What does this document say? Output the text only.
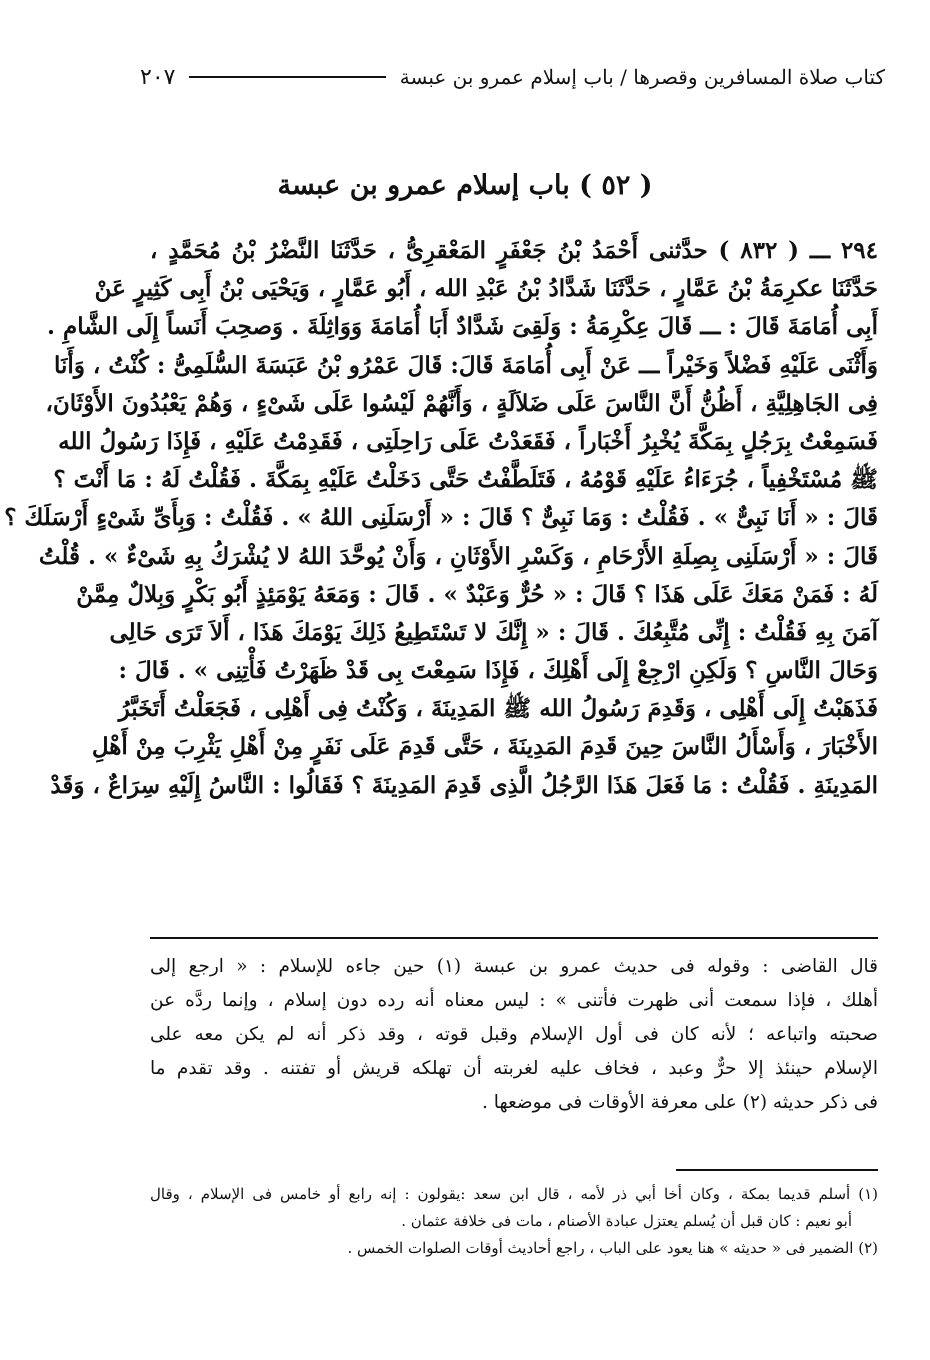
كتاب صلاة المسافرين وقصرها / باب إسلام عمرو بن عبسة
٢٠٧
( ٥٢ ) باب إسلام عمرو بن عبسة
٢٩٤ ـــ ( ٨٣٢ ) حدَّثنى أَحْمَدُ بْنُ جَعْفَرٍ المَعْقرِىُّ ، حَدَّثَنَا النَّضْرُ بْنُ مُحَمَّدٍ ،
حَدَّثَنَا عكرِمَةُ بْنُ عَمَّارٍ ، حَدَّثَنَا شَدَّادُ بْنُ عَبْدِ الله ، أَبُو عَمَّارٍ ، وَيَحْيَى بْنُ أَبِى كَثِيرٍ عَنْ
أَبِى أُمَامَةَ قَالَ : ـــ قَالَ عِكْرِمَةُ : وَلَقِىَ شَدَّادٌ أَبَا أُمَامَةَ وَوَاثِلَةَ . وَصحِبَ أَنَساً إِلَى الشَّامِ .
وَأَثْنَى عَلَيْهِ فَضْلاً وَخَيْراً ـــ عَنْ أَبِى أُمَامَةَ قَالَ: قَالَ عَمْرُو بْنُ عَبَسَةَ السُّلَمِىُّ : كُنْتُ ، وَأَنَا
فِى الجَاهِلِيَّةِ ، أَظُنُّ أَنَّ النَّاسَ عَلَى ضَلاَلَةٍ ، وَأَنَّهُمْ لَيْسُوا عَلَى شَىْءٍ ، وَهُمْ يَعْبُدُونَ الأَوْثَانَ،
فَسَمِعْتُ بِرَجُلٍ بِمَكَّةَ يُخْبِرُ أَخْبَاراً ، فَقَعَدْتُ عَلَى رَاحِلَتِى ، فَقَدِمْتُ عَلَيْهِ ، فَإِذَا رَسُولُ الله
ﷺ مُسْتَخْفِياً ، جُرَءَاءُ عَلَيْهِ قَوْمُهُ ، فَتَلَطَّفْتُ حَتَّى دَخَلْتُ عَلَيْهِ بِمَكَّةَ . فَقُلْتُ لَهُ : مَا أَنْتَ ؟
قَالَ : « أَنَا نَبِىٌّ » . فَقُلْتُ : وَمَا نَبِىٌّ ؟ قَالَ : « أَرْسَلَنِى اللهُ » . فَقُلْتُ : وَبِأَىِّ شَىْءٍ أَرْسَلَكَ ؟
قَالَ : « أَرْسَلَنِى بِصِلَةِ الأَرْحَامِ ، وَكَسْرِ الأَوْثَانِ ، وَأَنْ يُوحَّدَ اللهُ لا يُشْرَكُ بِهِ شَىْءٌ » . قُلْتُ
لَهُ : فَمَنْ مَعَكَ عَلَى هَذَا ؟ قَالَ : « حُرٌّ وَعَبْدٌ » . قَالَ : وَمَعَهُ يَوْمَئِذٍ أَبُو بَكْرٍ وَبِلالٌ مِمَّنْ
آمَنَ بِهِ فَقُلْتُ : إِنِّى مُتَّبِعُكَ . قَالَ : « إِنَّكَ لا تَسْتَطِيعُ ذَلِكَ يَوْمَكَ هَذَا ، أَلاَ تَرَى حَالِى
وَحَالَ النَّاسِ ؟ وَلَكِنِ ارْجِعْ إِلَى أَهْلِكَ ، فَإِذَا سَمِعْتَ بِى قَدْ ظَهَرْتُ فَأْتِنِى » . قَالَ :
فَذَهَبْتُ إِلَى أَهْلِى ، وَقَدِمَ رَسُولُ الله ﷺ المَدِينَةَ ، وَكُنْتُ فِى أَهْلِى ، فَجَعَلْتُ أَتَخَبَّرُ
الأَخْبَارَ ، وَأَسْأَلُ النَّاسَ حِينَ قَدِمَ المَدِينَةَ ، حَتَّى قَدِمَ عَلَى نَفَرٍ مِنْ أَهْلِ يَثْرِبَ مِنْ أَهْلِ
المَدِينَةِ . فَقُلْتُ : مَا فَعَلَ هَذَا الرَّجُلُ الَّذِى قَدِمَ المَدِينَةَ ؟ فَقَالُوا : النَّاسُ إِلَيْهِ سِرَاعٌ ، وَقَدْ
قال القاضى : وقوله فى حديث عمرو بن عبسة (١) حين جاءه للإسلام : « ارجع إلى
أهلك ، فإذا سمعت أنى ظهرت فأتنى » : ليس معناه أنه رده دون إسلام ، وإنما ردَّه عن
صحبته واتباعه ؛ لأنه كان فى أول الإسلام وقبل قوته ، وقد ذكر أنه لم يكن معه على
الإسلام حينئذ إلا حرٌّ وعبد ، فخاف عليه لغربته أن تهلكه قريش أو تفتنه . وقد تقدم ما
فى ذكر حديثه (٢) على معرفة الأوقات فى موضعها .
(١) أسلم قديما بمكة ، وكان أخا أبي ذر لأمه ، قال ابن سعد :يقولون : إنه رابع أو خامس فى الإسلام ، وقال
أبو نعيم : كان قبل أن يُسلم يعتزل عبادة الأصنام ، مات فى خلافة عثمان .
(٢) الضمير فى « حديثه » هنا يعود على الباب ، راجع أحاديث أوقات الصلوات الخمس .
